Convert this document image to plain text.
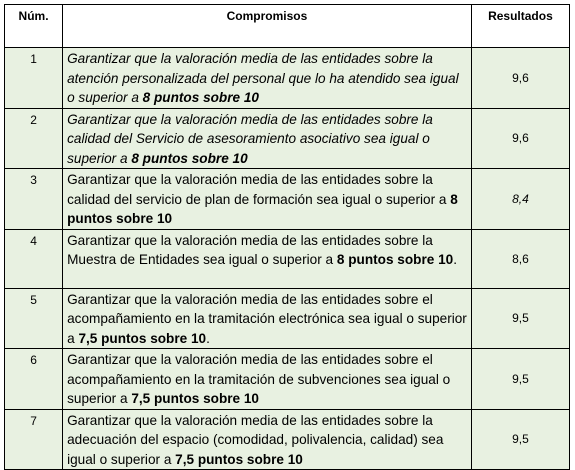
Núm.	Compromisos	Resultados
1	Garantizar que la valoración media de las entidades sobre la atención personalizada del personal que lo ha atendido sea igual o superior a 8 puntos sobre 10	9,6
2	Garantizar que la valoración media de las entidades sobre la calidad del Servicio de asesoramiento asociativo sea igual o superior a 8 puntos sobre 10	9,6
3	Garantizar que la valoración media de las entidades sobre la calidad del servicio de plan de formación sea igual o superior a 8 puntos sobre 10	8,4
4	Garantizar que la valoración media de las entidades sobre la Muestra de Entidades sea igual o superior a 8 puntos sobre 10.	8,6
5	Garantizar que la valoración media de las entidades sobre el acompañamiento en la tramitación electrónica sea igual o superior a 7,5 puntos sobre 10.	9,5
6	Garantizar que la valoración media de las entidades sobre el acompañamiento en la tramitación de subvenciones sea igual o superior a 7,5 puntos sobre 10	9,5
7	Garantizar que la valoración media de las entidades sobre la adecuación del espacio (comodidad, polivalencia, calidad) sea igual o superior a 7,5 puntos sobre 10	9,5
